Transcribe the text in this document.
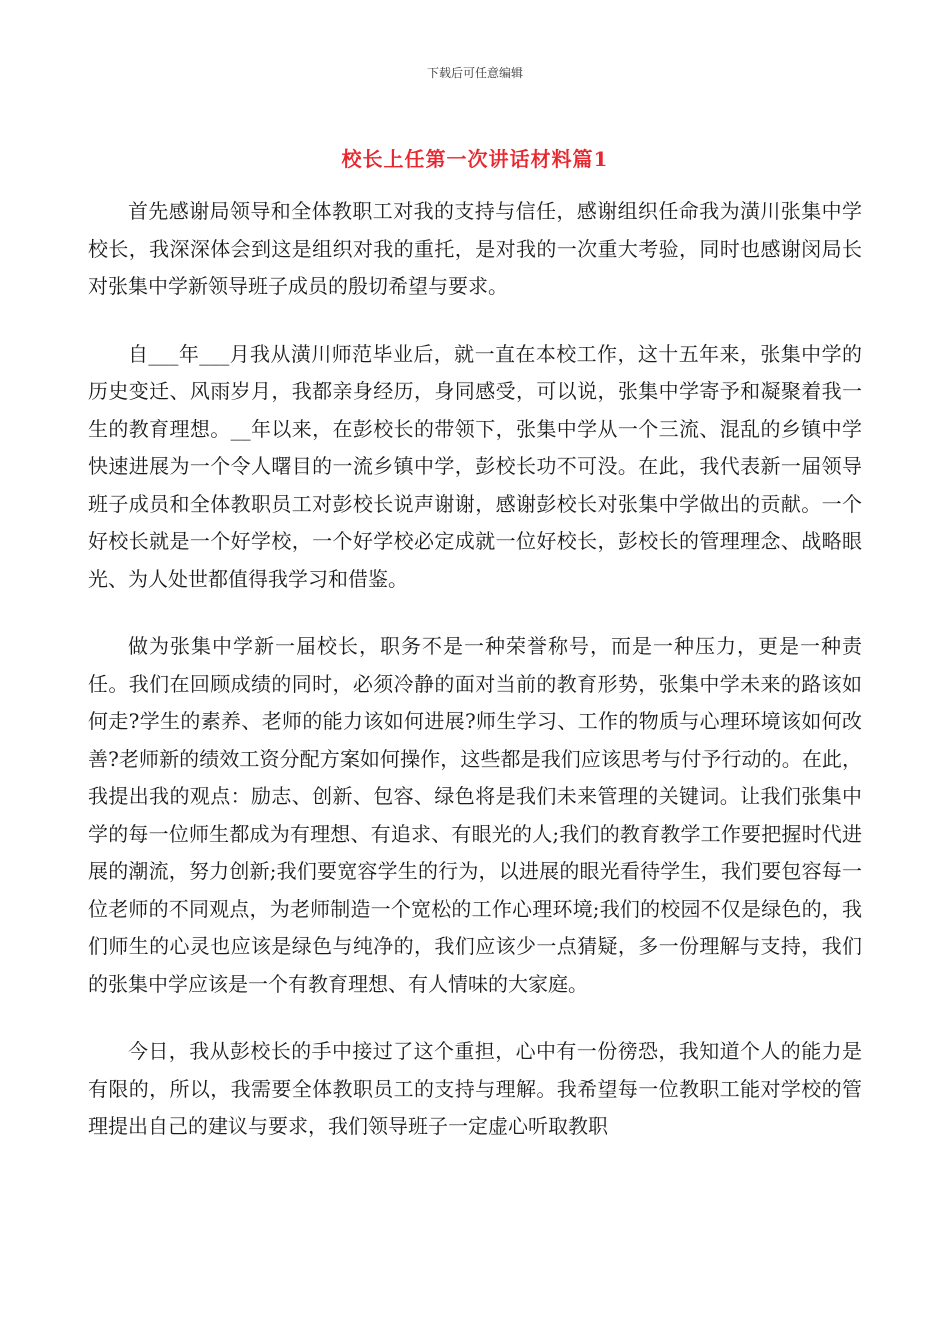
下载后可任意编辑
校长上任第一次讲话材料篇1

首先感谢局领导和全体教职工对我的支持与信任，感谢组织任命我为潢川张集中学校长，我深深体会到这是组织对我的重托，是对我的一次重大考验，同时也感谢闵局长对张集中学新领导班子成员的殷切希望与要求。

自___年___月我从潢川师范毕业后，就一直在本校工作，这十五年来，张集中学的历史变迁、风雨岁月，我都亲身经历，身同感受，可以说，张集中学寄予和凝聚着我一生的教育理想。__年以来，在彭校长的带领下，张集中学从一个三流、混乱的乡镇中学快速进展为一个令人曙目的一流乡镇中学，彭校长功不可没。在此，我代表新一届领导班子成员和全体教职员工对彭校长说声谢谢，感谢彭校长对张集中学做出的贡献。一个好校长就是一个好学校，一个好学校必定成就一位好校长，彭校长的管理理念、战略眼光、为人处世都值得我学习和借鉴。

做为张集中学新一届校长，职务不是一种荣誉称号，而是一种压力，更是一种责任。我们在回顾成绩的同时，必须冷静的面对当前的教育形势，张集中学未来的路该如何走?学生的素养、老师的能力该如何进展?师生学习、工作的物质与心理环境该如何改善?老师新的绩效工资分配方案如何操作，这些都是我们应该思考与付予行动的。在此，我提出我的观点：励志、创新、包容、绿色将是我们未来管理的关键词。让我们张集中学的每一位师生都成为有理想、有追求、有眼光的人;我们的教育教学工作要把握时代进展的潮流，努力创新;我们要宽容学生的行为，以进展的眼光看待学生，我们要包容每一位老师的不同观点，为老师制造一个宽松的工作心理环境;我们的校园不仅是绿色的，我们师生的心灵也应该是绿色与纯净的，我们应该少一点猜疑，多一份理解与支持，我们的张集中学应该是一个有教育理想、有人情味的大家庭。

今日，我从彭校长的手中接过了这个重担，心中有一份徬恐，我知道个人的能力是有限的，所以，我需要全体教职员工的支持与理解。我希望每一位教职工能对学校的管理提出自己的建议与要求，我们领导班子一定虚心听取教职
